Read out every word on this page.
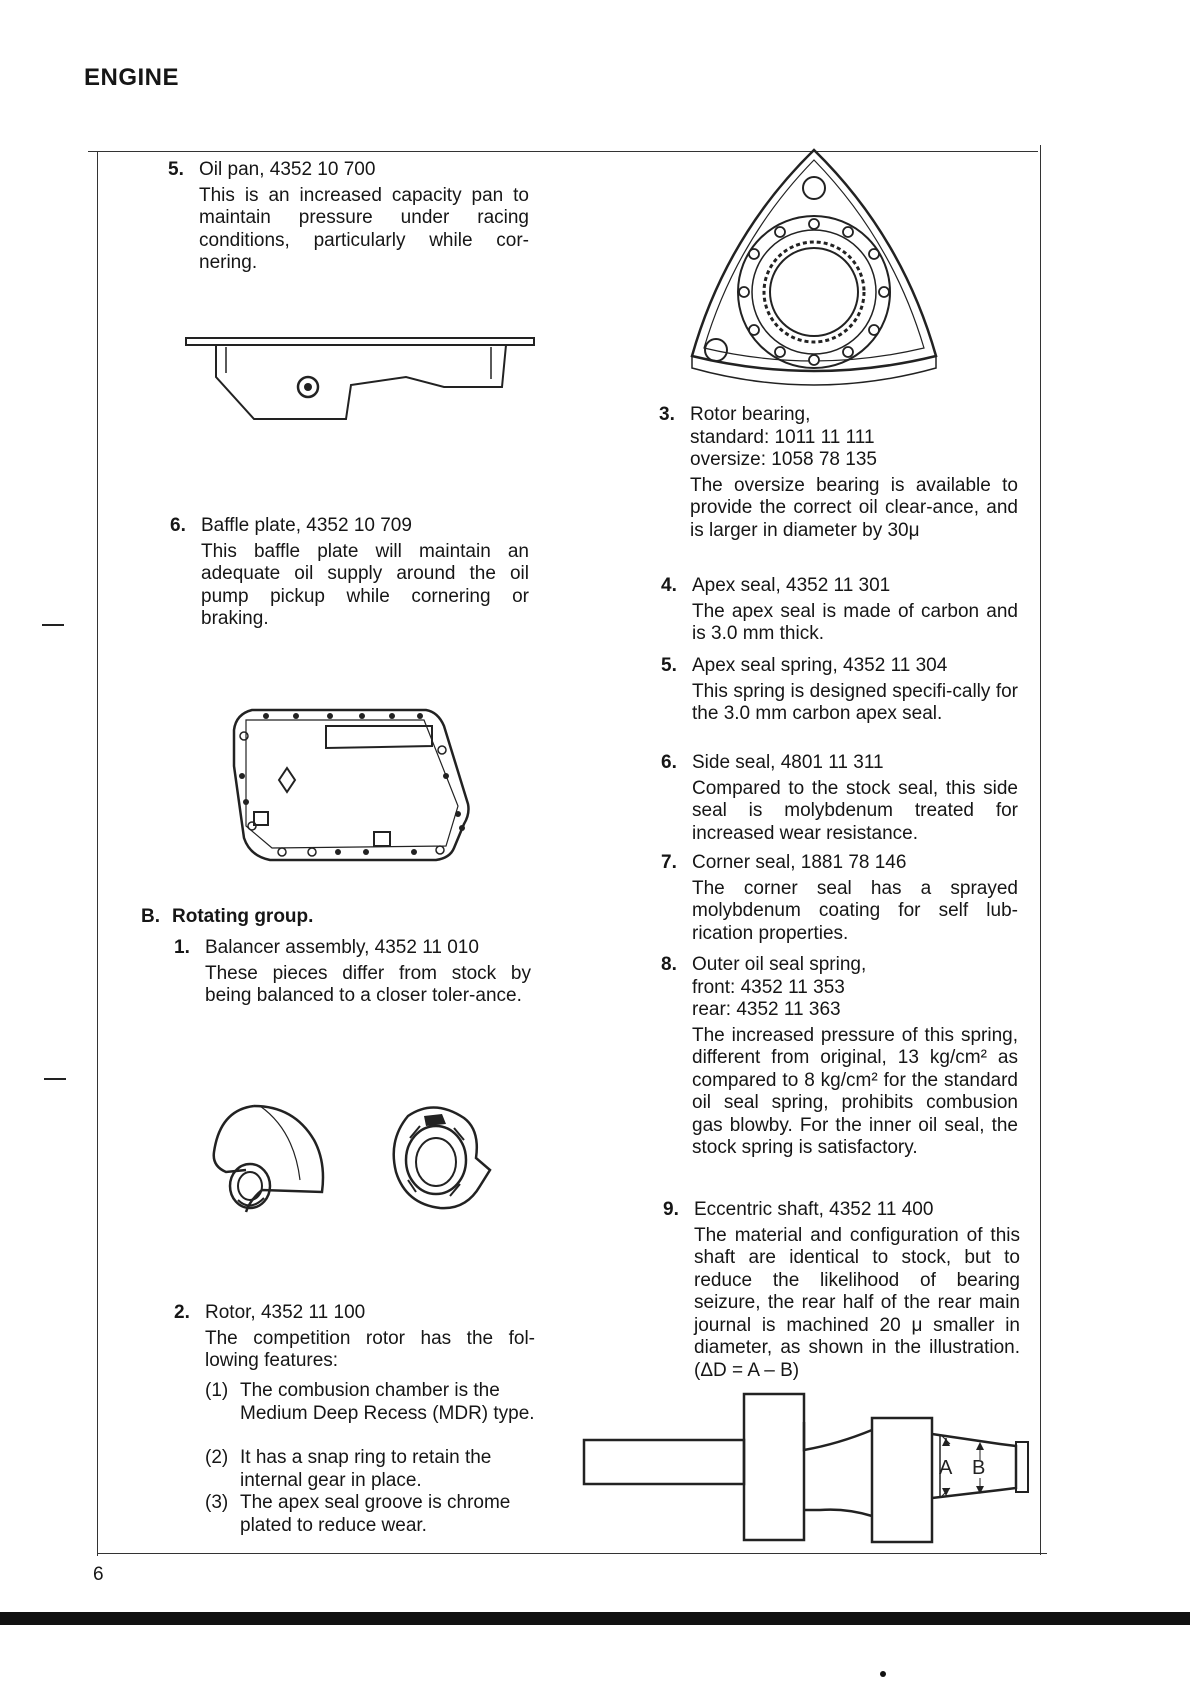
ENGINE
5. Oil pan, 4352 10 700
This is an increased capacity pan to maintain pressure under racing conditions, particularly while cor-nering.
6. Baffle plate, 4352 10 709
This baffle plate will maintain an adequate oil supply around the oil pump pickup while cornering or braking.
B. Rotating group.
1. Balancer assembly, 4352 11 010
These pieces differ from stock by being balanced to a closer toler-ance.
2. Rotor, 4352 11 100
The competition rotor has the fol-lowing features:
(1) The combusion chamber is the Medium Deep Recess (MDR) type.
(2) It has a snap ring to retain the internal gear in place.
(3) The apex seal groove is chrome plated to reduce wear.
3. Rotor bearing,
standard: 1011 11 111
oversize: 1058 78 135
The oversize bearing is available to provide the correct oil clear-ance, and is larger in diameter by 30μ
4. Apex seal, 4352 11 301
The apex seal is made of carbon and is 3.0 mm thick.
5. Apex seal spring, 4352 11 304
This spring is designed specifi-cally for the 3.0 mm carbon apex seal.
6. Side seal, 4801 11 311
Compared to the stock seal, this side seal is molybdenum treated for increased wear resistance.
7. Corner seal, 1881 78 146
The corner seal has a sprayed molybdenum coating for self lub-rication properties.
8. Outer oil seal spring,
front: 4352 11 353
rear: 4352 11 363
The increased pressure of this spring, different from original, 13 kg/cm² as compared to 8 kg/cm² for the standard oil seal spring, prohibits combusion gas blowby. For the inner oil seal, the stock spring is satisfactory.
9. Eccentric shaft, 4352 11 400
The material and configuration of this shaft are identical to stock, but to reduce the likelihood of bearing seizure, the rear half of the rear main journal is machined 20 μ smaller in diameter, as shown in the illustration. (ΔD = A – B)
A B
6
